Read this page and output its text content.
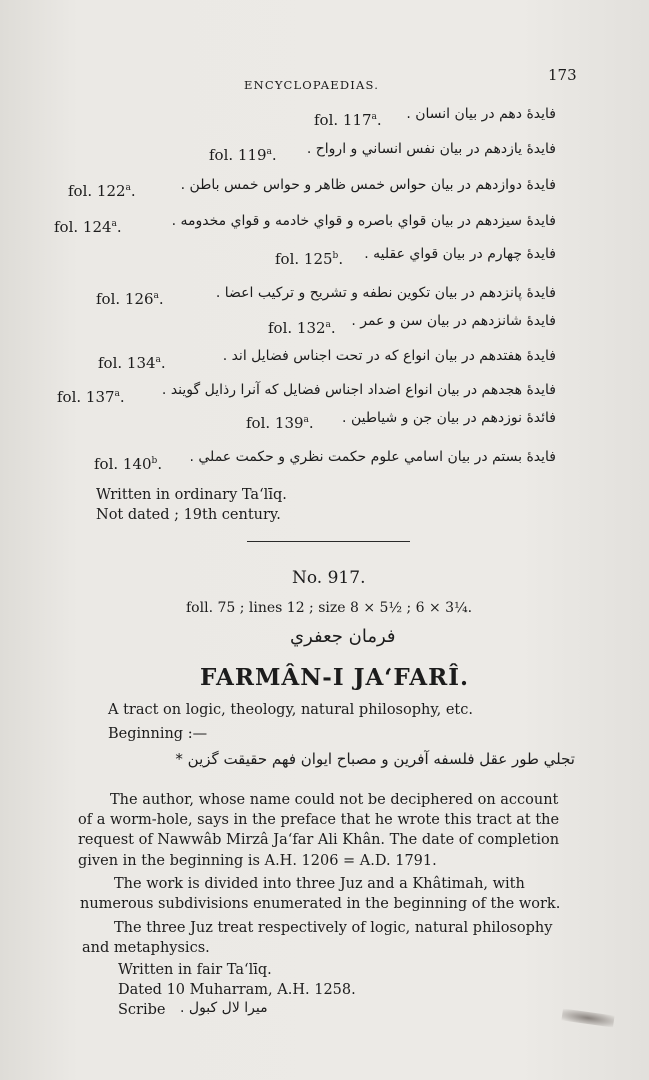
ENCYCLOPAEDIAS.
173
fol. 117$^a$. فايدهٔ دهم در بيان انسان .
fol. 119$^a$. فايدهٔ يازدهم در بيان نفس انساني و ارواح .
fol. 122$^a$.	فايدهٔ دوازدهم در بيان حواس خمس ظاهر و حواس خمس باطن .
fol. 124$^a$.	فايدهٔ سيزدهم در بيان قواي باصره و قواي خادمه و قواي مخدومه .
fol. 125$^b$. فايدهٔ چهارم در بيان قواي عقليه .
fol. 126$^a$.	فايدهٔ پانزدهم در بيان تكوين نطفه و تشريح و تركيب اعضا .
fol. 132$^a$. فايدهٔ شانزدهم در بيان سن و عمر .
fol. 134$^a$.	فايدهٔ هفتدهم در بيان انواع كه در تحت اجناس فضايل اند .
fol. 137$^a$.	فايدهٔ هجدهم در بيان انواع اضداد اجناس فضايل كه آنرا رذايل گويند .
fol. 139$^a$. فائدهٔ نوزدهم در بيان جن و شياطين .
fol. 140$^b$. فايدهٔ بستم در بيان اسامي علوم حكمت نظري و حكمت عملي .
Written in ordinary Ta‘līq.
Not dated ; 19th century.
No. 917.
foll. 75 ; lines 12 ; size 8 × 5½ ; 6 × 3¼.
فرمان جعفري
FARMÂN-I JA‘FARÎ.
A tract on logic, theology, natural philosophy, etc.
Beginning :—
تجلي طور عقل فلسفه آفرين و مصباح ايوان فهم حقيقت گزين *
The author, whose name could not be deciphered on account
of a worm-hole, says in the preface that he wrote this tract at the
request of Nawwâb Mirzâ Ja‘far Ali Khân. The date of completion
given in the beginning is A.H. 1206 = A.D. 1791.
The work is divided into three Juz and a Khâtimah, with
numerous subdivisions enumerated in the beginning of the work.
The three Juz treat respectively of logic, natural philosophy
and metaphysics.
Written in fair Ta‘līq.
Dated 10 Muharram, A.H. 1258.
Scribe ميرا لال كبول .
